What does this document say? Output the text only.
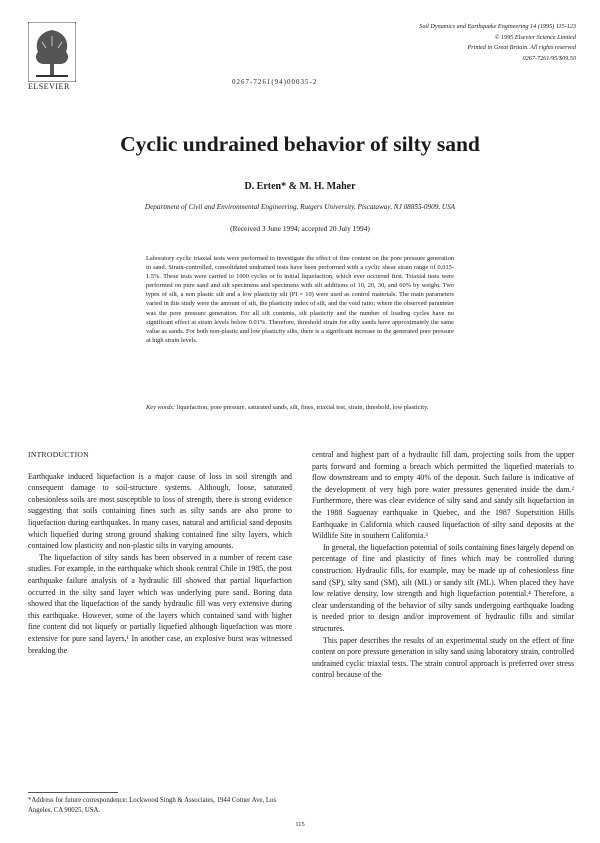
ELSEVIER	0267-7261(94)00035-2
Soil Dynamics and Earthquake Engineering 14 (1995) 115-123
© 1995 Elsevier Science Limited
Printed in Great Britain. All rights reserved
0267-7261/95/$09.50
Cyclic undrained behavior of silty sand
D. Erten* & M. H. Maher
Department of Civil and Environmental Engineering, Rutgers University, Piscataway, NJ 08855-0909, USA
(Received 3 June 1994; accepted 20 July 1994)
Laboratory cyclic triaxial tests were performed to investigate the effect of fine content on the pore pressure generation in sand. Strain-controlled, consolidated undrained tests have been performed with a cyclic shear strain range of 0.015-1.5%. These tests were carried to 1000 cycles or to initial liquefaction, which ever occurred first. Triaxial tests were performed on pure sand and silt specimens and specimens with silt additions of 10, 20, 30, and 60% by weight. Two types of silt, a non plastic silt and a low plasticity silt (PI = 10) were used as control materials. The main parameters varied in this study were the amount of silt, the plasticity index of silt, and the void ratio; where the observed parameter was the pore pressure generation. For all silt contents, silt plasticity and the number of loading cycles have no significant effect at strain levels below 0.01%. Therefore, threshold strain for silty sands have approximately the same value as sands. For both non-plastic and low plasticity silts, there is a significant increase in the generated pore pressure at high strain levels.
Key words: liquefaction, pore pressure, saturated sands, silt, fines, triaxial test, strain, threshold, low plasticity.
INTRODUCTION

Earthquake induced liquefaction is a major cause of loss in soil strength and consequent damage to soil-structure systems. Although, loose, saturated cohesionless soils are most susceptible to loss of strength, there is strong evidence suggesting that soils containing fines such as silty sands are also prone to liquefaction during earthquakes. In many cases, natural and artificial sand deposits which liquefied during strong ground shaking contained fine silty layers, which contained low plasticity and non-plastic silts in varying amounts.

The liquefaction of silty sands has been observed in a number of recent case studies. For example, in the earthquake which shook central Chile in 1985, the post earthquake failure analysis of a hydraulic fill showed that partial liquefaction occurred in the silty sand layer which was underlying pure sand. Boring data showed that the liquefaction of the sandy hydraulic fill was very extensive during this earthquake. However, some of the layers which contained sand with higher fine content did not liquefy or partially liquefied although liquefaction was more extensive for pure sand layers.¹ In another case, an explosive burst was witnessed breaking the

*Address for future correspondence: Lockwood Singh & Associates, 1944 Cotner Ave, Los Angeles, CA 90025, USA.

central and highest part of a hydraulic fill dam, projecting soils from the upper parts forward and forming a breach which permitted the liquefied materials to flow downstream and to empty 40% of the deposit. Such failure is indicative of the development of very high pore water pressures generated inside the dam.² Furthermore, there was clear evidence of silty sand and sandy silt liquefaction in the 1988 Saguenay earthquake in Quebec, and the 1987 Superstition Hills Earthquake in California which caused liquefaction of silty sand deposits at the Wildlife Site in southern California.³

In general, the liquefaction potential of soils containing fines largely depend on percentage of fine and plasticity of fines which may be controlled during construction. Hydraulic fills, for example, may be made up of cohesionless fine sand (SP), silty sand (SM), silt (ML) or sandy silt (ML). When placed they have low relative density, low strength and high liquefaction potential.⁴ Therefore, a clear understanding of the behavior of silty sands undergoing earthquake loading is needed prior to design and/or improvement of hydraulic fills and similar structures.

This paper describes the results of an experimental study on the effect of fine content on pore pressure generation in silty sand using laboratory strain, controlled undrained cyclic triaxial tests. The strain control approach is preferred over stress control because of the

115
